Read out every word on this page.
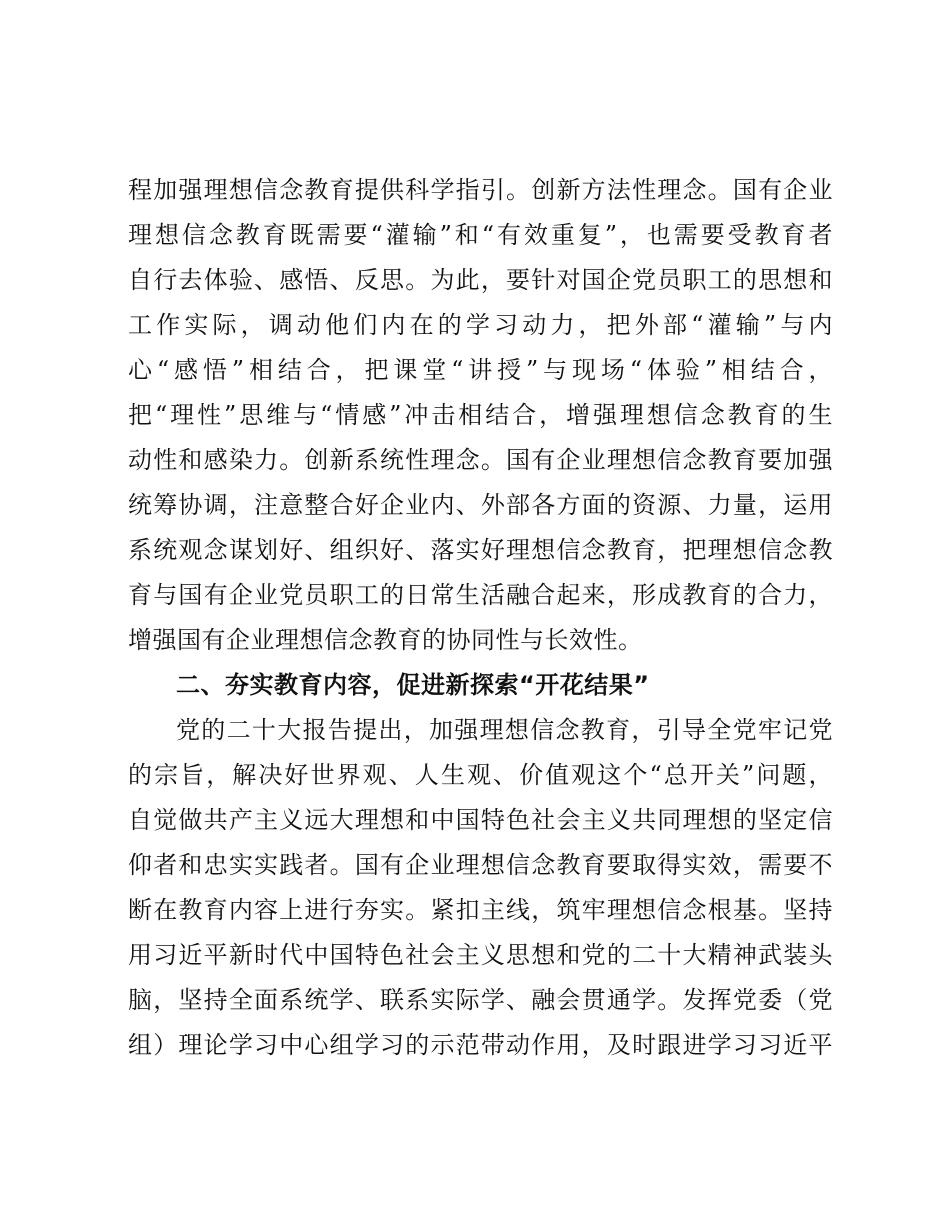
程加强理想信念教育提供科学指引。创新方法性理念。国有企业
理想信念教育既需要“灌输”和“有效重复”，也需要受教育者
自行去体验、感悟、反思。为此，要针对国企党员职工的思想和
工作实际，调动他们内在的学习动力，把外部“灌输”与内
心“感悟”相结合，把课堂“讲授”与现场“体验”相结合，
把“理性”思维与“情感”冲击相结合，增强理想信念教育的生
动性和感染力。创新系统性理念。国有企业理想信念教育要加强
统筹协调，注意整合好企业内、外部各方面的资源、力量，运用
系统观念谋划好、组织好、落实好理想信念教育，把理想信念教
育与国有企业党员职工的日常生活融合起来，形成教育的合力，
增强国有企业理想信念教育的协同性与长效性。
二、夯实教育内容，促进新探索“开花结果”
党的二十大报告提出，加强理想信念教育，引导全党牢记党
的宗旨，解决好世界观、人生观、价值观这个“总开关”问题，
自觉做共产主义远大理想和中国特色社会主义共同理想的坚定信
仰者和忠实实践者。国有企业理想信念教育要取得实效，需要不
断在教育内容上进行夯实。紧扣主线，筑牢理想信念根基。坚持
用习近平新时代中国特色社会主义思想和党的二十大精神武装头
脑，坚持全面系统学、联系实际学、融会贯通学。发挥党委（党
组）理论学习中心组学习的示范带动作用，及时跟进学习习近平
